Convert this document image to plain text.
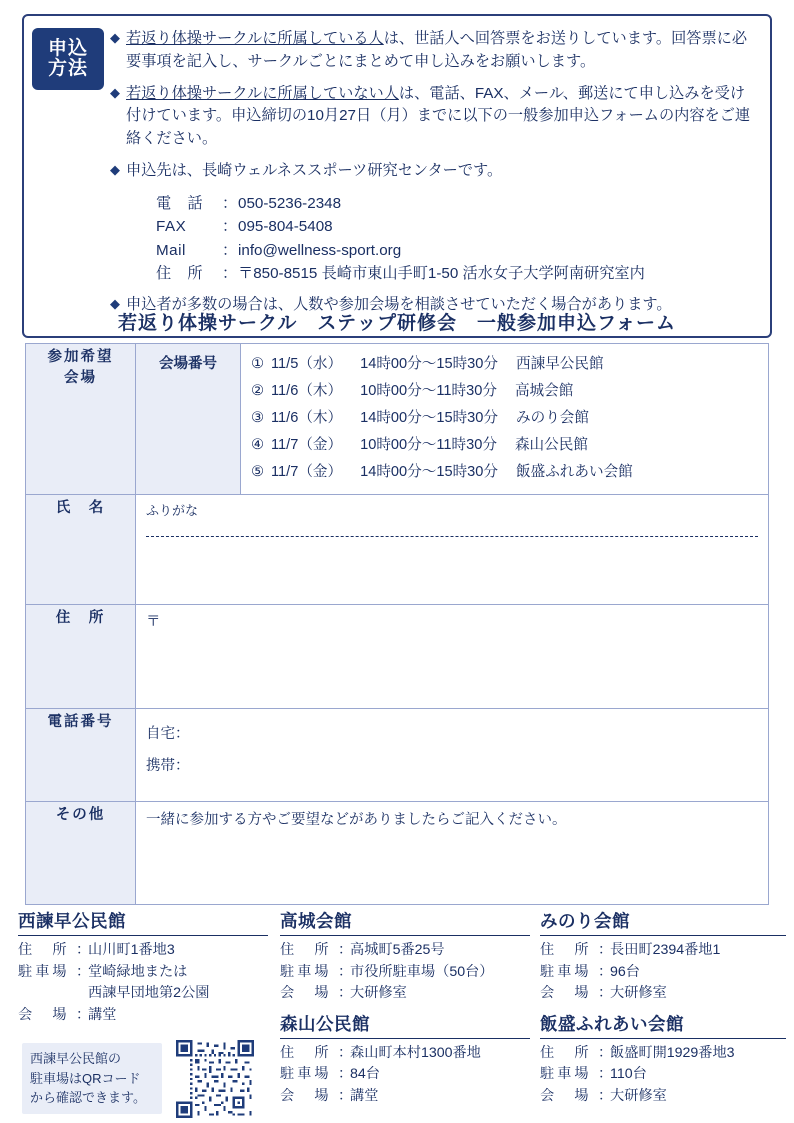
申込
方法
◆ 若返り体操サークルに所属している人は、世話人へ回答票をお送りしています。回答票に必要事項を記入し、サークルごとにまとめて申し込みをお願いします。
◆ 若返り体操サークルに所属していない人は、電話、FAX、メール、郵送にて申し込みを受け付けています。申込締切の10月27日（月）までに以下の一般参加申込フォームの内容をご連絡ください。
◆ 申込先は、長崎ウェルネススポーツ研究センターです。
電　話	： 050-5236-2348
FAX	： 095-804-5408
Mail	： info@wellness-sport.org
住　所	： 〒850-8515 長崎市東山手町1-50 活水女子大学阿南研究室内
◆ 申込者が多数の場合は、人数や参加会場を相談させていただく場合があります。
若返り体操サークル　ステップ研修会　一般参加申込フォーム
参加希望
会場
	会場番号	① 11/5（水） 14時00分～15時30分 西諫早公民館
② 11/6（木） 10時00分～11時30分 高城会館
③ 11/6（木） 14時00分～15時30分 みのり会館
④ 11/7（金） 10時00分～11時30分 森山公民館
⑤ 11/7（金） 14時00分～15時30分 飯盛ふれあい会館

氏　名	ふりがな	

住　所	〒	
電話番号	自宅：
携帯：	

その他	一緒に参加する方やご要望などがありましたらご記入ください。	
西諫早公民館
住　所 ：
山川町1番地3
駐車場 ：
堂崎緑地または
西諫早団地第2公園
会　場 ：
講堂
高城会館
住　所 ：
高城町5番25号
駐車場 ：
市役所駐車場（50台）
会　場 ：
大研修室
森山公民館
住　所 ：
森山町本村1300番地
駐車場 ：
84台
会　場 ：
講堂
みのり会館
住　所 ：
長田町2394番地1
駐車場 ：
96台
会　場 ：
大研修室
飯盛ふれあい会館
住　所 ：
飯盛町開1929番地3
駐車場 ：
110台
会　場 ：
大研修室
西諫早公民館の
駐車場はQRコード
から確認できます。
